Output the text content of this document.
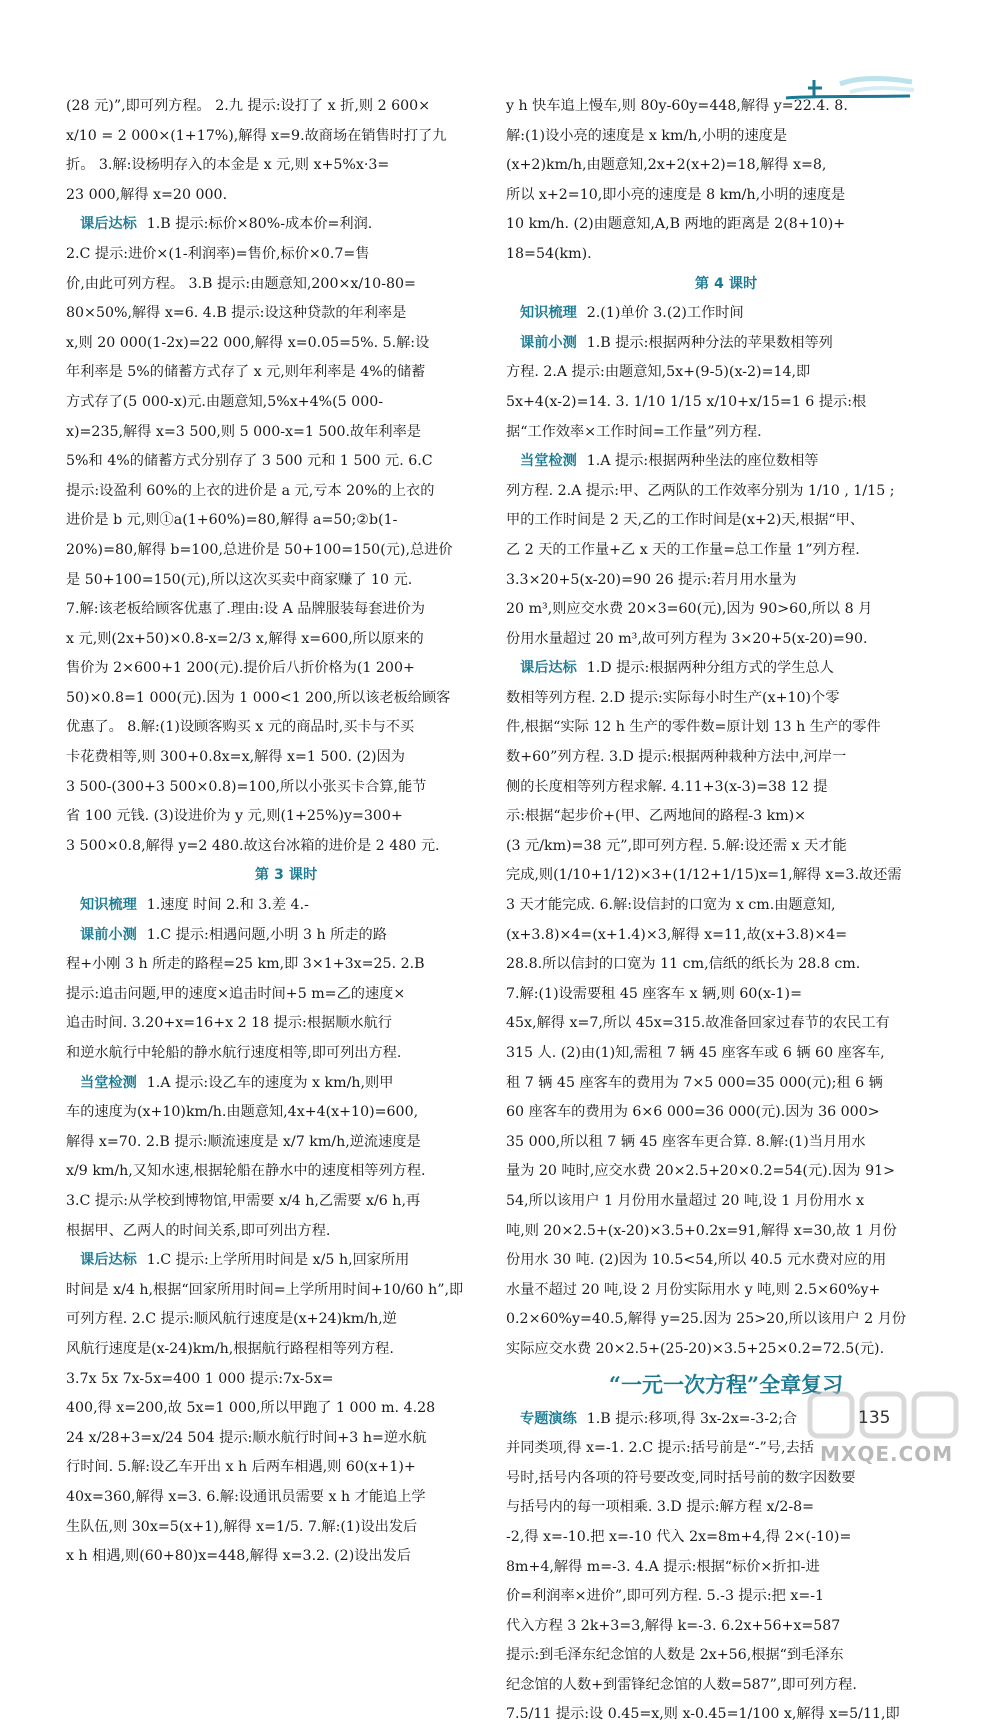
(28 元)”,即可列方程。 2.九 提示:设打了 x 折,则 2 600×

x/10 = 2 000×(1+17%),解得 x=9.故商场在销售时打了九

折。 3.解:设杨明存入的本金是 x 元,则 x+5%x·3=

23 000,解得 x=20 000.

课后达标 1.B 提示:标价×80%-成本价=利润.

2.C 提示:进价×(1-利润率)=售价,标价×0.7=售

价,由此可列方程。 3.B 提示:由题意知,200×x/10-80=

80×50%,解得 x=6. 4.B 提示:设这种贷款的年利率是

x,则 20 000(1-2x)=22 000,解得 x=0.05=5%. 5.解:设

年利率是 5%的储蓄方式存了 x 元,则年利率是 4%的储蓄

方式存了(5 000-x)元.由题意知,5%x+4%(5 000-

x)=235,解得 x=3 500,则 5 000-x=1 500.故年利率是

5%和 4%的储蓄方式分别存了 3 500 元和 1 500 元. 6.C

提示:设盈利 60%的上衣的进价是 a 元,亏本 20%的上衣的

进价是 b 元,则①a(1+60%)=80,解得 a=50;②b(1-

20%)=80,解得 b=100,总进价是 50+100=150(元),总进价

是 50+100=150(元),所以这次买卖中商家赚了 10 元.

7.解:该老板给顾客优惠了.理由:设 A 品牌服装每套进价为

x 元,则(2x+50)×0.8-x=2/3 x,解得 x=600,所以原来的

售价为 2×600+1 200(元).提价后八折价格为(1 200+

50)×0.8=1 000(元).因为 1 000<1 200,所以该老板给顾客

优惠了。 8.解:(1)设顾客购买 x 元的商品时,买卡与不买

卡花费相等,则 300+0.8x=x,解得 x=1 500. (2)因为

3 500-(300+3 500×0.8)=100,所以小张买卡合算,能节

省 100 元钱. (3)设进价为 y 元,则(1+25%)y=300+

3 500×0.8,解得 y=2 480.故这台冰箱的进价是 2 480 元.

第 3 课时

知识梳理 1.速度 时间 2.和 3.差 4.-

课前小测 1.C 提示:相遇问题,小明 3 h 所走的路

程+小刚 3 h 所走的路程=25 km,即 3×1+3x=25. 2.B

提示:追击问题,甲的速度×追击时间+5 m=乙的速度×

追击时间. 3.20+x=16+x 2 18 提示:根据顺水航行

和逆水航行中轮船的静水航行速度相等,即可列出方程.

当堂检测 1.A 提示:设乙车的速度为 x km/h,则甲

车的速度为(x+10)km/h.由题意知,4x+4(x+10)=600,

解得 x=70. 2.B 提示:顺流速度是 x/7 km/h,逆流速度是

x/9 km/h,又知水速,根据轮船在静水中的速度相等列方程.

3.C 提示:从学校到博物馆,甲需要 x/4 h,乙需要 x/6 h,再

根据甲、乙两人的时间关系,即可列出方程.

课后达标 1.C 提示:上学所用时间是 x/5 h,回家所用

时间是 x/4 h,根据“回家所用时间=上学所用时间+10/60 h”,即

可列方程. 2.C 提示:顺风航行速度是(x+24)km/h,逆

风航行速度是(x-24)km/h,根据航行路程相等列方程.

3.7x 5x 7x-5x=400 1 000 提示:7x-5x=

400,得 x=200,故 5x=1 000,所以甲跑了 1 000 m. 4.28

24 x/28+3=x/24 504 提示:顺水航行时间+3 h=逆水航

行时间. 5.解:设乙车开出 x h 后两车相遇,则 60(x+1)+

40x=360,解得 x=3. 6.解:设通讯员需要 x h 才能追上学

生队伍,则 30x=5(x+1),解得 x=1/5. 7.解:(1)设出发后

x h 相遇,则(60+80)x=448,解得 x=3.2. (2)设出发后

y h 快车追上慢车,则 80y-60y=448,解得 y=22.4. 8.

解:(1)设小亮的速度是 x km/h,小明的速度是

(x+2)km/h,由题意知,2x+2(x+2)=18,解得 x=8,

所以 x+2=10,即小亮的速度是 8 km/h,小明的速度是

10 km/h. (2)由题意知,A,B 两地的距离是 2(8+10)+

18=54(km).

第 4 课时

知识梳理 2.(1)单价 3.(2)工作时间

课前小测 1.B 提示:根据两种分法的苹果数相等列

方程. 2.A 提示:由题意知,5x+(9-5)(x-2)=14,即

5x+4(x-2)=14. 3. 1/10 1/15 x/10+x/15=1 6 提示:根

据“工作效率×工作时间=工作量”列方程.

当堂检测 1.A 提示:根据两种坐法的座位数相等

列方程. 2.A 提示:甲、乙两队的工作效率分别为 1/10 , 1/15 ;

甲的工作时间是 2 天,乙的工作时间是(x+2)天,根据“甲、

乙 2 天的工作量+乙 x 天的工作量=总工作量 1”列方程.

3.3×20+5(x-20)=90 26 提示:若月用水量为

20 m³,则应交水费 20×3=60(元),因为 90>60,所以 8 月

份用水量超过 20 m³,故可列方程为 3×20+5(x-20)=90.

课后达标 1.D 提示:根据两种分组方式的学生总人

数相等列方程. 2.D 提示:实际每小时生产(x+10)个零

件,根据“实际 12 h 生产的零件数=原计划 13 h 生产的零件

数+60”列方程. 3.D 提示:根据两种栽种方法中,河岸一

侧的长度相等列方程求解. 4.11+3(x-3)=38 12 提

示:根据“起步价+(甲、乙两地间的路程-3 km)×

(3 元/km)=38 元”,即可列方程. 5.解:设还需 x 天才能

完成,则(1/10+1/12)×3+(1/12+1/15)x=1,解得 x=3.故还需

3 天才能完成. 6.解:设信封的口宽为 x cm.由题意知,

(x+3.8)×4=(x+1.4)×3,解得 x=11,故(x+3.8)×4=

28.8.所以信封的口宽为 11 cm,信纸的纸长为 28.8 cm.

7.解:(1)设需要租 45 座客车 x 辆,则 60(x-1)=

45x,解得 x=7,所以 45x=315.故准备回家过春节的农民工有

315 人. (2)由(1)知,需租 7 辆 45 座客车或 6 辆 60 座客车,

租 7 辆 45 座客车的费用为 7×5 000=35 000(元);租 6 辆

60 座客车的费用为 6×6 000=36 000(元).因为 36 000>

35 000,所以租 7 辆 45 座客车更合算. 8.解:(1)当月用水

量为 20 吨时,应交水费 20×2.5+20×0.2=54(元).因为 91>

54,所以该用户 1 月份用水量超过 20 吨,设 1 月份用水 x

吨,则 20×2.5+(x-20)×3.5+0.2x=91,解得 x=30,故 1 月份

份用水 30 吨. (2)因为 10.5<54,所以 40.5 元水费对应的用

水量不超过 20 吨,设 2 月份实际用水 y 吨,则 2.5×60%y+

0.2×60%y=40.5,解得 y=25.因为 25>20,所以该用户 2 月份

实际应交水费 20×2.5+(25-20)×3.5+25×0.2=72.5(元).

“一元一次方程”全章复习

专题演练 1.B 提示:移项,得 3x-2x=-3-2;合

并同类项,得 x=-1. 2.C 提示:括号前是“-”号,去括

号时,括号内各项的符号要改变,同时括号前的数字因数要

与括号内的每一项相乘. 3.D 提示:解方程 x/2-8=

-2,得 x=-10.把 x=-10 代入 2x=8m+4,得 2×(-10)=

8m+4,解得 m=-3. 4.A 提示:根据“标价×折扣-进

价=利润率×进价”,即可列方程. 5.-3 提示:把 x=-1

代入方程 3 2k+3=3,解得 k=-3. 6.2x+56+x=587

提示:到毛泽东纪念馆的人数是 2x+56,根据“到毛泽东

纪念馆的人数+到雷锋纪念馆的人数=587”,即可列方程.

7.5/11 提示:设 0.45=x,则 x-0.45=1/100 x,解得 x=5/11,即

135
MXQE.COM
